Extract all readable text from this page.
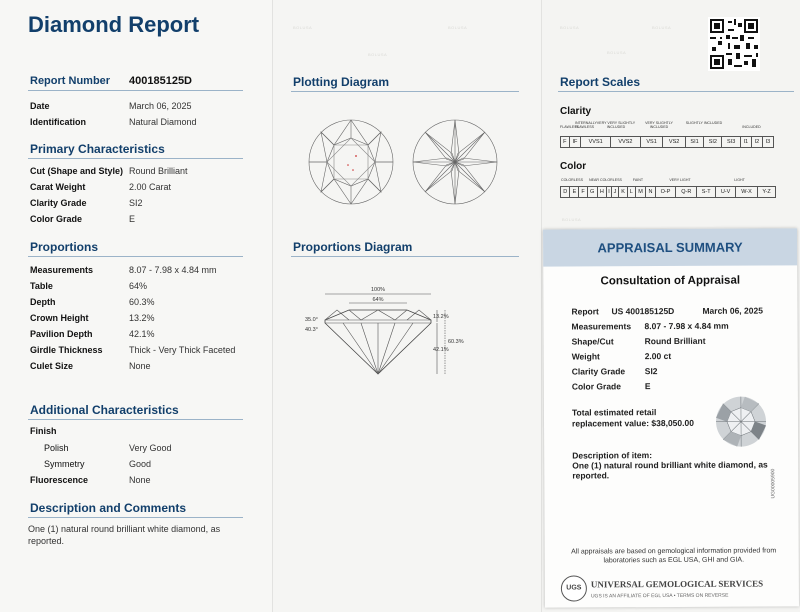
Diamond Report
Report Number 400185125D
Date	March 06, 2025
Identification	Natural Diamond
Primary Characteristics
Cut (Shape and Style) Round Brilliant
Carat Weight	2.00 Carat
Clarity Grade	SI2
Color Grade	E
Proportions
Measurements	8.07 - 7.98 x 4.84 mm
Table	64%
Depth	60.3%
Crown Height	13.2%
Pavilion Depth	42.1%
Girdle Thickness	Thick - Very Thick Faceted
Culet Size	None
Additional Characteristics
Finish
Polish	Very Good
Symmetry	Good
Fluorescence	None
Description and Comments
One (1) natural round brilliant white diamond, as reported.
Plotting Diagram
Proportions Diagram
100%
64%
35.0°
40.3°
13.2%
60.3%
42.1%
BOLUSA
BOLUSA
BOLUSA
Report Scales
Clarity
FLAWLESS
INTERNALLY FLAWLESS
VERY VERY SLIGHTLY INCLUDED
VERY SLIGHTLY INCLUDED
SLIGHTLY INCLUDED
INCLUDED
F	IF	VVS1	VVS2	VS1	VS2	SI1	SI2	SI3	I1	I2	I3
Color
COLORLESS NEAR COLORLESS	FAINT	VERY LIGHT	LIGHT
D	E	F	G	H	I	J	K	L	M	N	O-P	Q-R	S-T	U-V	W-X	Y-Z
BOLUSA
BOLUSA
BOLUSA
BOLUSA
APPRAISAL SUMMARY
Consultation of Appraisal
Report US 400185125D	March 06, 2025
Measurements 8.07 - 7.98 x 4.84 mm
Shape/Cut	Round Brilliant
Weight	2.00 ct
Clarity Grade SI2
Color Grade	E
Total estimated retail
replacement value: $38,050.00
Description of item:
One (1) natural round brilliant white diamond, as reported.	UG00005900
All appraisals are based on gemological information provided from laboratories such as EGL USA, GHI and GIA.
UGS	UNIVERSAL GEMOLOGICAL SERVICES
UGS IS AN AFFILIATE OF EGL USA • TERMS ON REVERSE
